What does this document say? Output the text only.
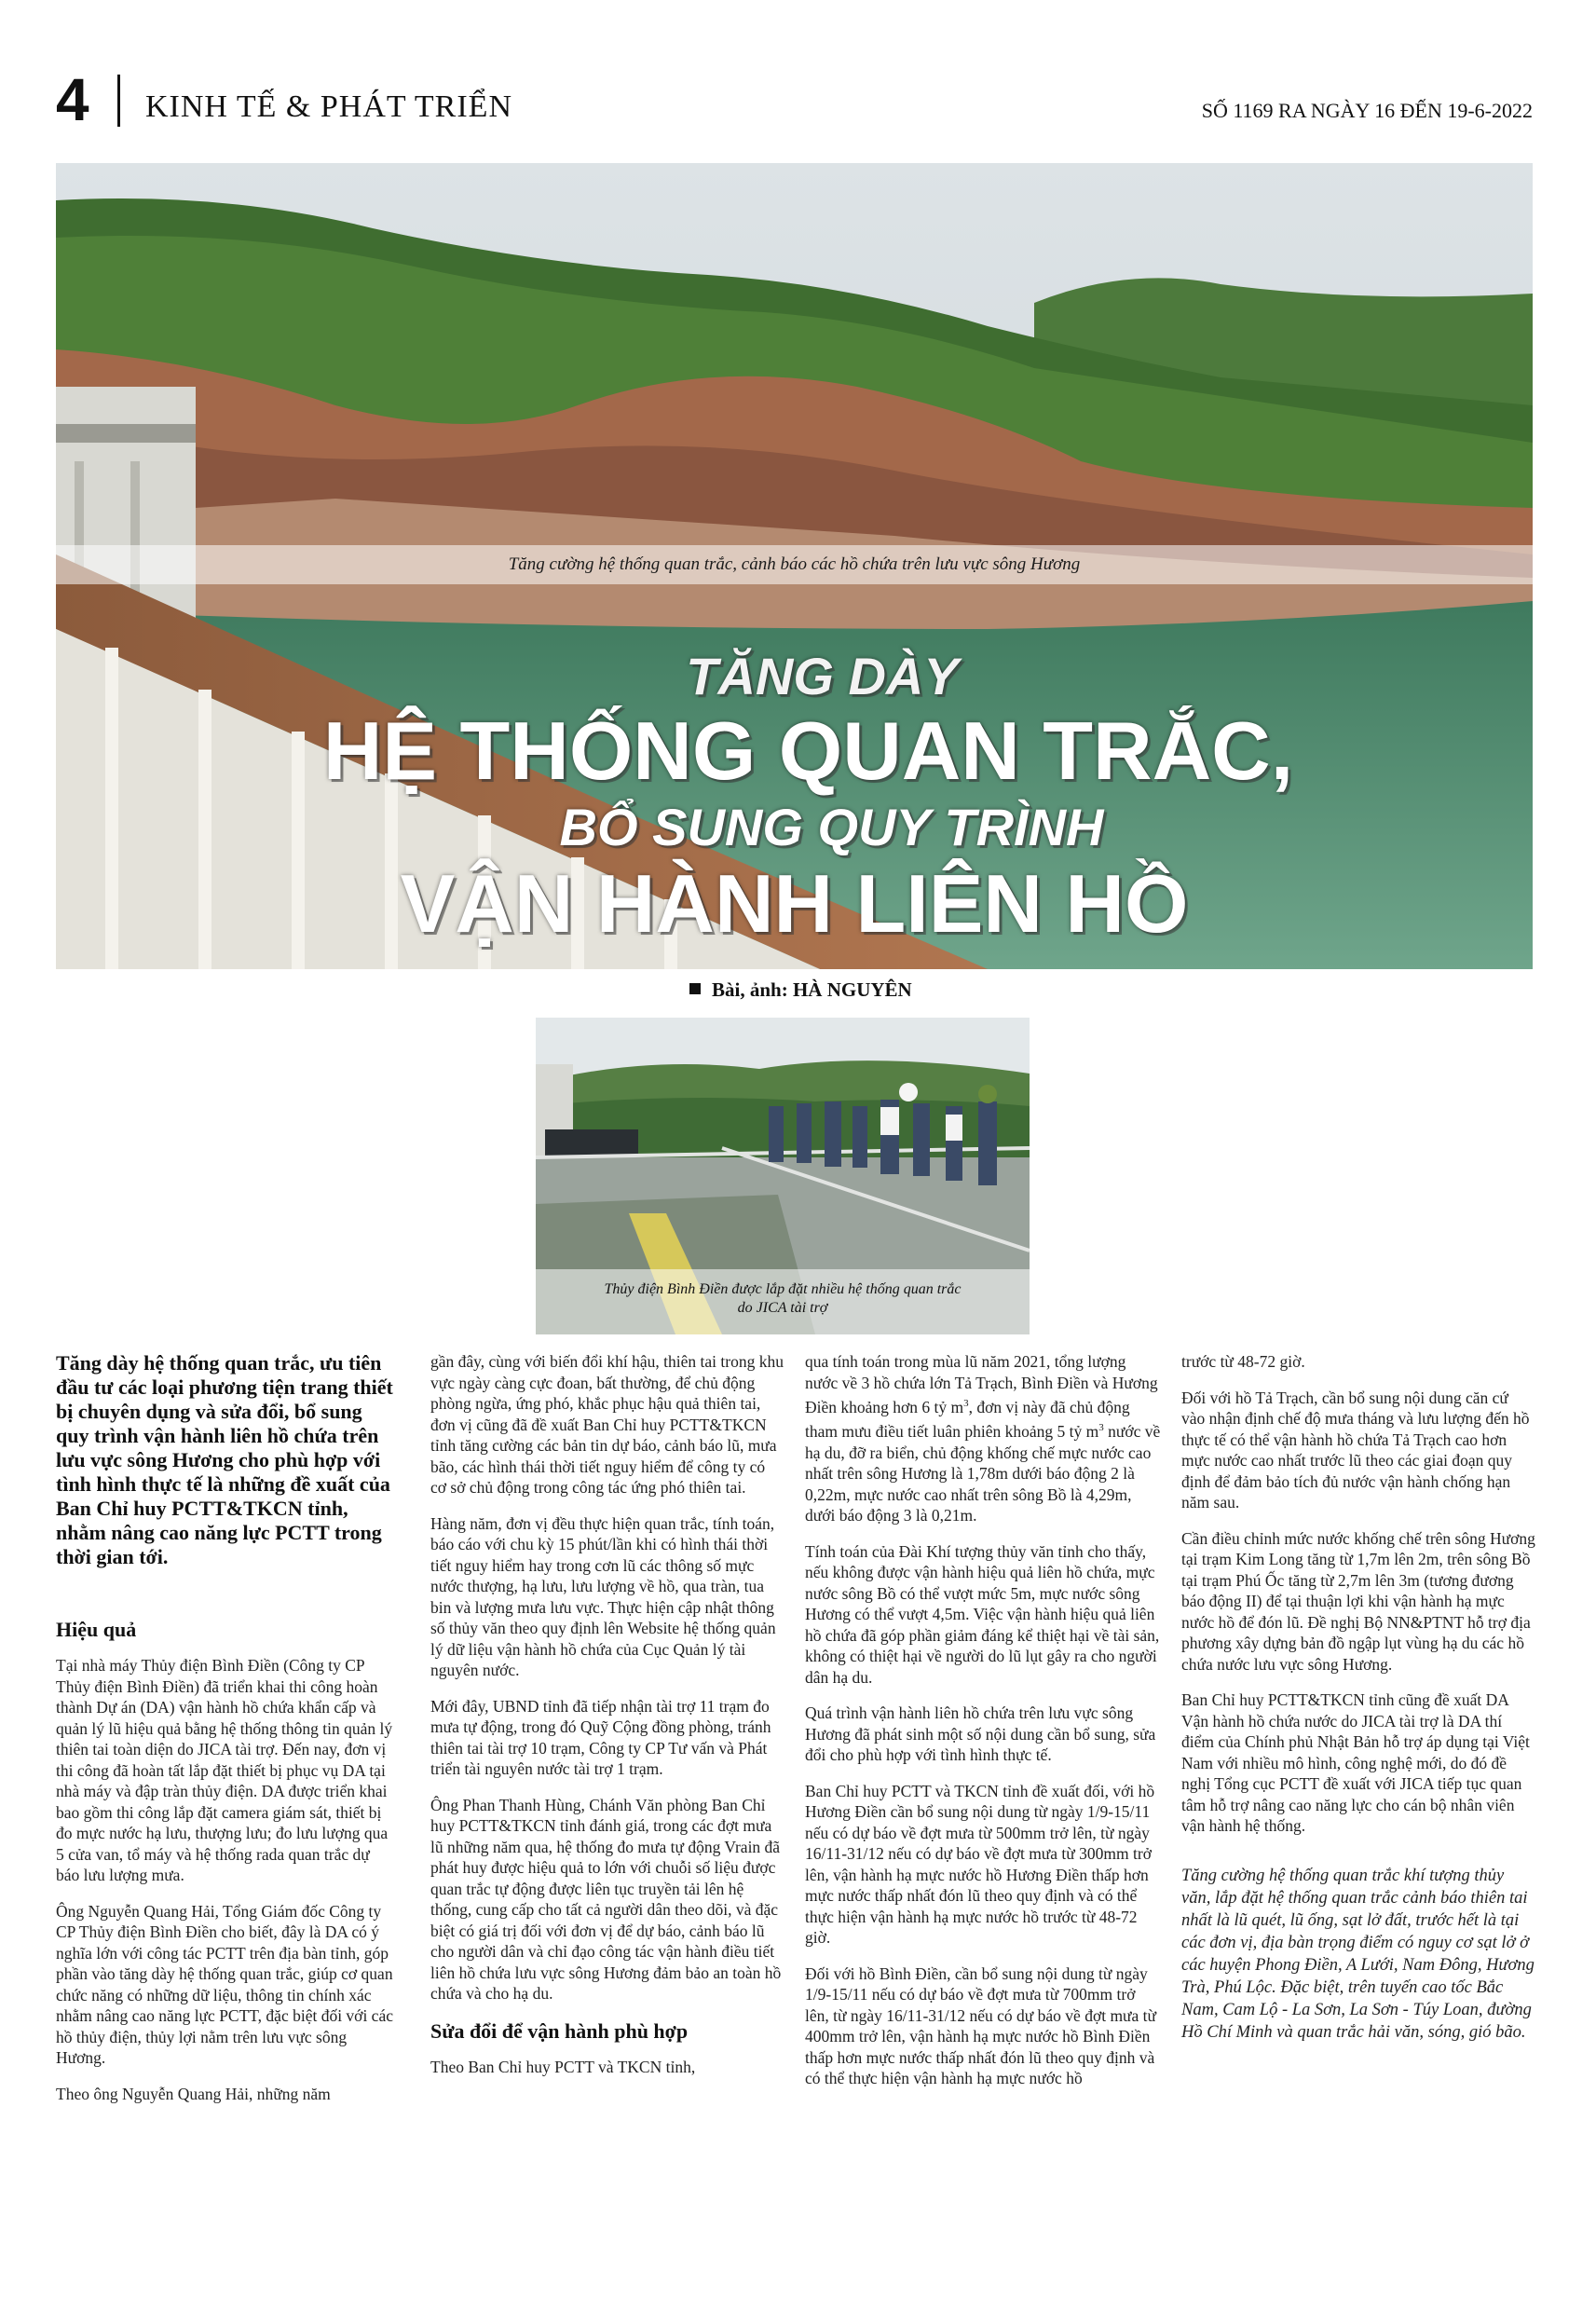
4 KINH TẾ & PHÁT TRIỂN	SỐ 1169 RA NGÀY 16 ĐẾN 19-6-2022
Tăng cường hệ thống quan trắc, cảnh báo các hồ chứa trên lưu vực sông Hương
TĂNG DÀY
HỆ THỐNG QUAN TRẮC,
BỔ SUNG QUY TRÌNH
VẬN HÀNH LIÊN HỒ
Bài, ảnh: HÀ NGUYÊN
Thủy điện Bình Điền được lắp đặt nhiều hệ thống quan trắc
do JICA tài trợ

Tăng dày hệ thống quan trắc, ưu tiên đầu tư các loại phương tiện trang thiết bị chuyên dụng và sửa đổi, bổ sung quy trình vận hành liên hồ chứa trên lưu vực sông Hương cho phù hợp với tình hình thực tế là những đề xuất của Ban Chỉ huy PCTT&TKCN tỉnh, nhằm nâng cao năng lực PCTT trong thời gian tới.

Hiệu quả

Tại nhà máy Thủy điện Bình Điền (Công ty CP Thủy điện Bình Điền) đã triển khai thi công hoàn thành Dự án (DA) vận hành hồ chứa khẩn cấp và quản lý lũ hiệu quả bằng hệ thống thông tin quản lý thiên tai toàn diện do JICA tài trợ. Đến nay, đơn vị thi công đã hoàn tất lắp đặt thiết bị phục vụ DA tại nhà máy và đập tràn thủy điện. DA được triển khai bao gồm thi công lắp đặt camera giám sát, thiết bị đo mực nước hạ lưu, thượng lưu; đo lưu lượng qua 5 cửa van, tổ máy và hệ thống rada quan trắc dự báo lưu lượng mưa.

Ông Nguyễn Quang Hải, Tổng Giám đốc Công ty CP Thủy điện Bình Điền cho biết, đây là DA có ý nghĩa lớn với công tác PCTT trên địa bàn tỉnh, góp phần vào tăng dày hệ thống quan trắc, giúp cơ quan chức năng có những dữ liệu, thông tin chính xác nhằm nâng cao năng lực PCTT, đặc biệt đối với các hồ thủy điện, thủy lợi nằm trên lưu vực sông Hương.

Theo ông Nguyễn Quang Hải, những năm

gần đây, cùng với biến đổi khí hậu, thiên tai trong khu vực ngày càng cực đoan, bất thường, để chủ động phòng ngừa, ứng phó, khắc phục hậu quả thiên tai, đơn vị cũng đã đề xuất Ban Chỉ huy PCTT&TKCN tỉnh tăng cường các bản tin dự báo, cảnh báo lũ, mưa bão, các hình thái thời tiết nguy hiểm để công ty có cơ sở chủ động trong công tác ứng phó thiên tai.

Hàng năm, đơn vị đều thực hiện quan trắc, tính toán, báo cáo với chu kỳ 15 phút/lần khi có hình thái thời tiết nguy hiểm hay trong cơn lũ các thông số mực nước thượng, hạ lưu, lưu lượng về hồ, qua tràn, tua bin và lượng mưa lưu vực. Thực hiện cập nhật thông số thủy văn theo quy định lên Website hệ thống quản lý dữ liệu vận hành hồ chứa của Cục Quản lý tài nguyên nước.

Mới đây, UBND tỉnh đã tiếp nhận tài trợ 11 trạm đo mưa tự động, trong đó Quỹ Cộng đồng phòng, tránh thiên tai tài trợ 10 trạm, Công ty CP Tư vấn và Phát triển tài nguyên nước tài trợ 1 trạm.

Ông Phan Thanh Hùng, Chánh Văn phòng Ban Chỉ huy PCTT&TKCN tỉnh đánh giá, trong các đợt mưa lũ những năm qua, hệ thống đo mưa tự động Vrain đã phát huy được hiệu quả to lớn với chuỗi số liệu được quan trắc tự động được liên tục truyền tải lên hệ thống, cung cấp cho tất cả người dân theo dõi, và đặc biệt có giá trị đối với đơn vị để dự báo, cảnh báo lũ cho người dân và chỉ đạo công tác vận hành điều tiết liên hồ chứa lưu vực sông Hương đảm bảo an toàn hồ chứa và cho hạ du.

Sửa đổi để vận hành phù hợp

Theo Ban Chỉ huy PCTT và TKCN tỉnh,

qua tính toán trong mùa lũ năm 2021, tổng lượng nước về 3 hồ chứa lớn Tả Trạch, Bình Điền và Hương Điền khoảng hơn 6 tỷ $m^3$, đơn vị này đã chủ động tham mưu điều tiết luân phiên khoảng 5 tỷ $m^3$ nước về hạ du, đỡ ra biển, chủ động khống chế mực nước cao nhất trên sông Hương là 1,78m dưới báo động 2 là 0,22m, mực nước cao nhất trên sông Bồ là 4,29m, dưới báo động 3 là 0,21m.

Tính toán của Đài Khí tượng thủy văn tỉnh cho thấy, nếu không được vận hành hiệu quả liên hồ chứa, mực nước sông Bồ có thể vượt mức 5m, mực nước sông Hương có thể vượt 4,5m. Việc vận hành hiệu quả liên hồ chứa đã góp phần giảm đáng kể thiệt hại về tài sản, không có thiệt hại về người do lũ lụt gây ra cho người dân hạ du.

Quá trình vận hành liên hồ chứa trên lưu vực sông Hương đã phát sinh một số nội dung cần bổ sung, sửa đổi cho phù hợp với tình hình thực tế.

Ban Chỉ huy PCTT và TKCN tỉnh đề xuất đối, với hồ Hương Điền cần bổ sung nội dung từ ngày 1/9-15/11 nếu có dự báo về đợt mưa từ 500mm trở lên, từ ngày 16/11-31/12 nếu có dự báo về đợt mưa từ 300mm trở lên, vận hành hạ mực nước hồ Hương Điền thấp hơn mực nước thấp nhất đón lũ theo quy định và có thể thực hiện vận hành hạ mực nước hồ trước từ 48-72 giờ.

Đối với hồ Bình Điền, cần bổ sung nội dung từ ngày 1/9-15/11 nếu có dự báo về đợt mưa từ 700mm trở lên, từ ngày 16/11-31/12 nếu có dự báo về đợt mưa từ 400mm trở lên, vận hành hạ mực nước hồ Bình Điền thấp hơn mực nước thấp nhất đón lũ theo quy định và có thể thực hiện vận hành hạ mực nước hồ

trước từ 48-72 giờ.

Đối với hồ Tả Trạch, cần bổ sung nội dung căn cứ vào nhận định chế độ mưa tháng và lưu lượng đến hồ thực tế có thể vận hành hồ chứa Tả Trạch cao hơn mực nước cao nhất trước lũ theo các giai đoạn quy định để đảm bảo tích đủ nước vận hành chống hạn năm sau.

Cần điều chỉnh mức nước khống chế trên sông Hương tại trạm Kim Long tăng từ 1,7m lên 2m, trên sông Bồ tại trạm Phú Ốc tăng từ 2,7m lên 3m (tương đương báo động II) để tại thuận lợi khi vận hành hạ mực nước hồ để đón lũ. Đề nghị Bộ NN&PTNT hỗ trợ địa phương xây dựng bản đồ ngập lụt vùng hạ du các hồ chứa nước lưu vực sông Hương.

Ban Chỉ huy PCTT&TKCN tỉnh cũng đề xuất DA Vận hành hồ chứa nước do JICA tài trợ là DA thí điểm của Chính phủ Nhật Bản hỗ trợ áp dụng tại Việt Nam với nhiều mô hình, công nghệ mới, do đó đề nghị Tổng cục PCTT đề xuất với JICA tiếp tục quan tâm hỗ trợ nâng cao năng lực cho cán bộ nhân viên vận hành hệ thống.

Tăng cường hệ thống quan trắc khí tượng thủy văn, lắp đặt hệ thống quan trắc cảnh báo thiên tai nhất là lũ quét, lũ ống, sạt lở đất, trước hết là tại các đơn vị, địa bàn trọng điểm có nguy cơ sạt lở ở các huyện Phong Điền, A Lưới, Nam Đông, Hương Trà, Phú Lộc. Đặc biệt, trên tuyến cao tốc Bắc Nam, Cam Lộ - La Sơn, La Sơn - Túy Loan, đường Hồ Chí Minh và quan trắc hải văn, sóng, gió bão.
